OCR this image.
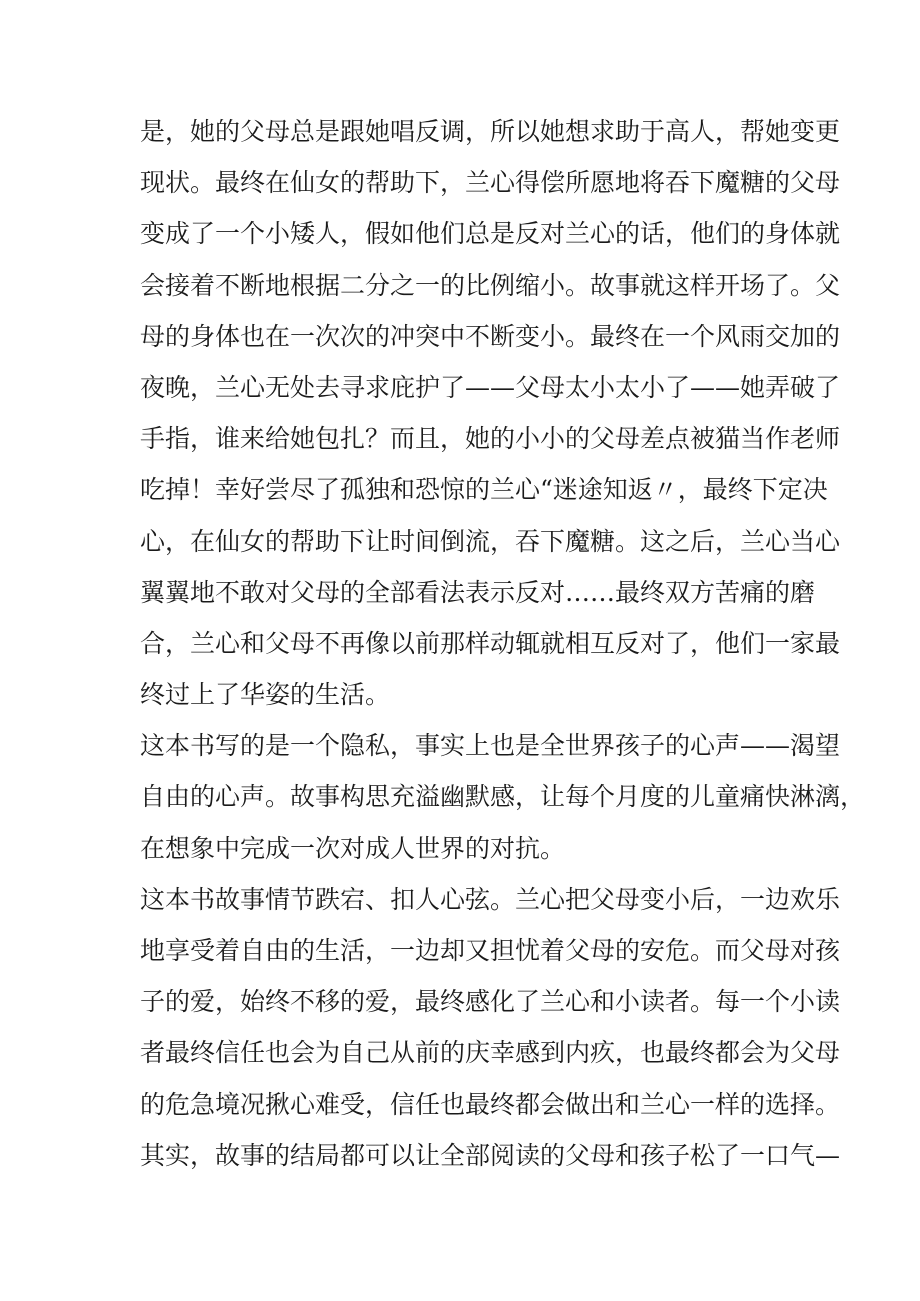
是，她的父母总是跟她唱反调，所以她想求助于高人，帮她变更
现状。最终在仙女的帮助下，兰心得偿所愿地将吞下魔糖的父母
变成了一个小矮人，假如他们总是反对兰心的话，他们的身体就
会接着不断地根据二分之一的比例缩小。故事就这样开场了。父
母的身体也在一次次的冲突中不断变小。最终在一个风雨交加的
夜晚，兰心无处去寻求庇护了——父母太小太小了——她弄破了
手指，谁来给她包扎？而且，她的小小的父母差点被猫当作老师
吃掉！幸好尝尽了孤独和恐惊的兰心“迷途知返〃，最终下定决
心，在仙女的帮助下让时间倒流，吞下魔糖。这之后，兰心当心
翼翼地不敢对父母的全部看法表示反对……最终双方苦痛的磨
合，兰心和父母不再像以前那样动辄就相互反对了，他们一家最
终过上了华姿的生活。
这本书写的是一个隐私，事实上也是全世界孩子的心声——渴望
自由的心声。故事构思充溢幽默感，让每个月度的儿童痛快淋漓，
在想象中完成一次对成人世界的对抗。
这本书故事情节跌宕、扣人心弦。兰心把父母变小后，一边欢乐
地享受着自由的生活，一边却又担忧着父母的安危。而父母对孩
子的爱，始终不移的爱，最终感化了兰心和小读者。每一个小读
者最终信任也会为自己从前的庆幸感到内疚，也最终都会为父母
的危急境况揪心难受，信任也最终都会做出和兰心一样的选择。
其实，故事的结局都可以让全部阅读的父母和孩子松了一口气—
